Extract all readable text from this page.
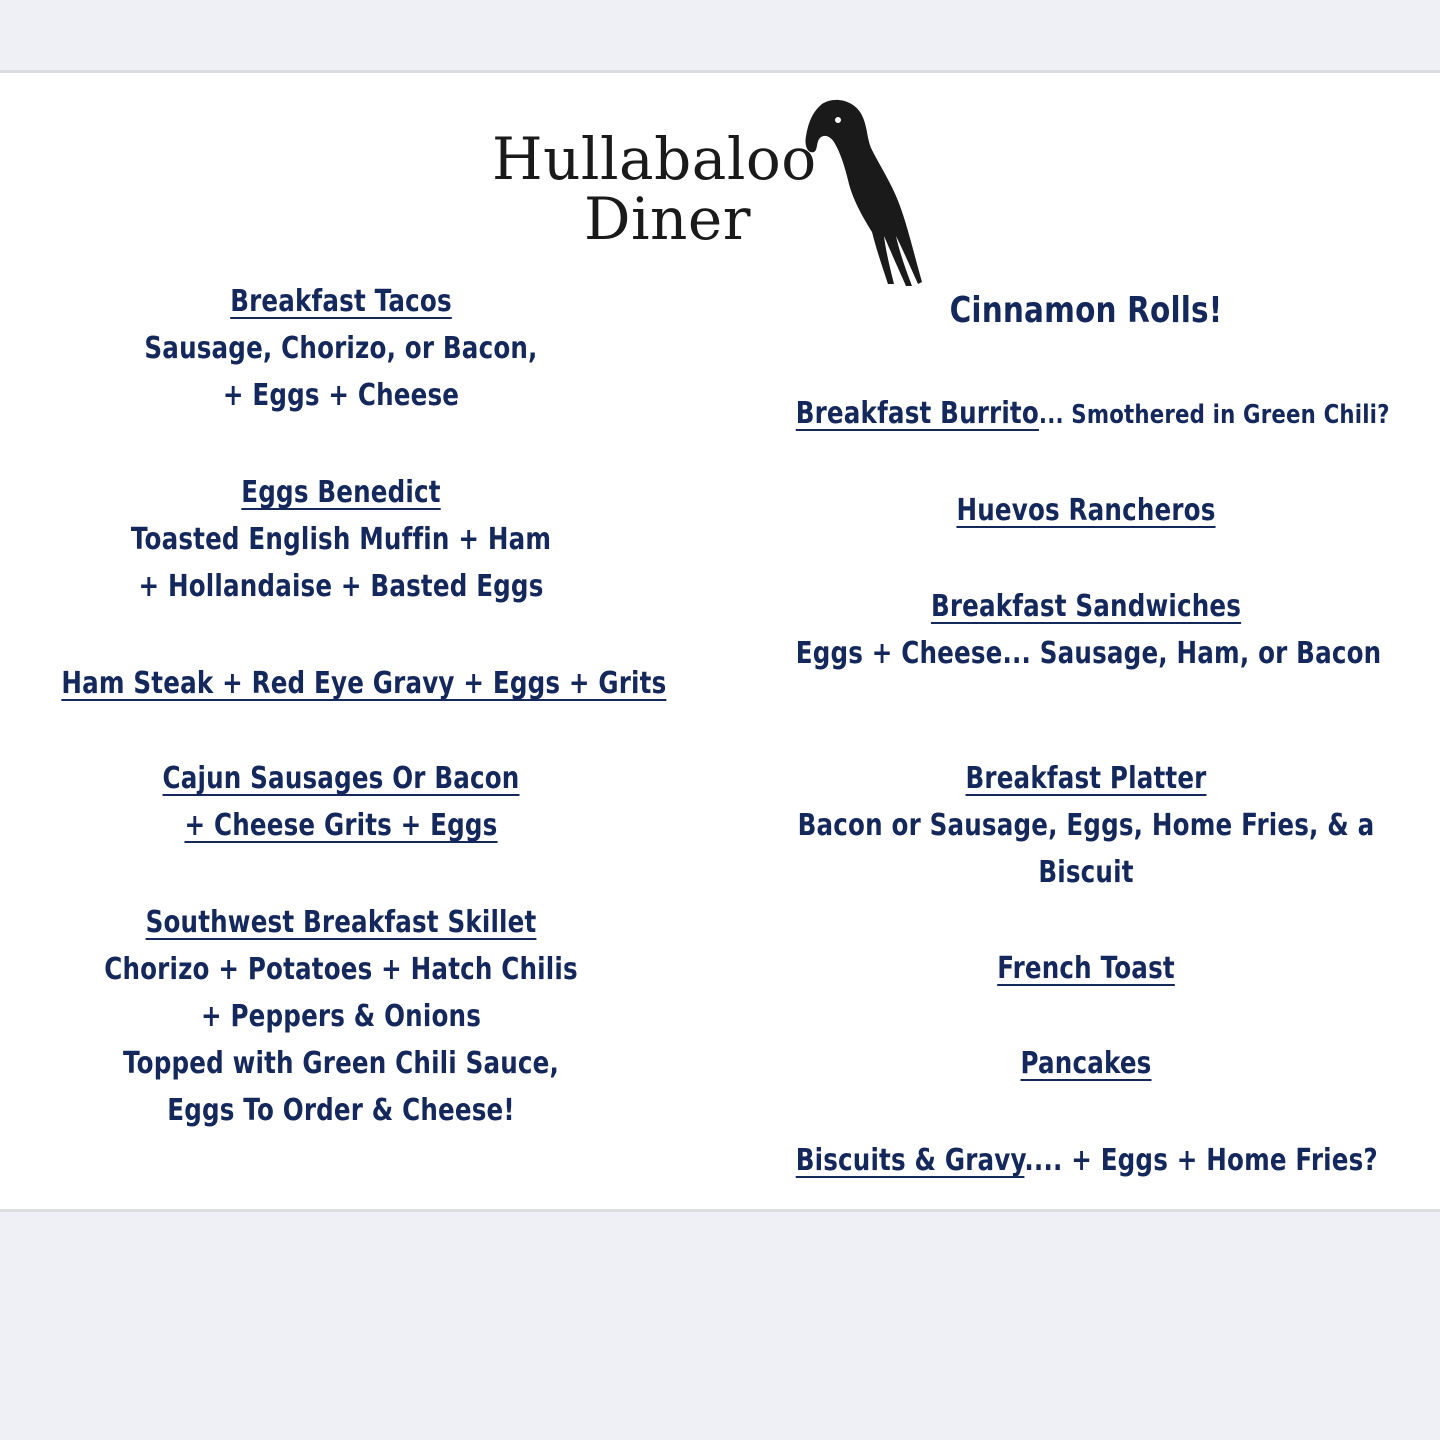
Hullabaloo
Diner
Breakfast Tacos
Sausage, Chorizo, or Bacon,
+ Eggs + Cheese
Eggs Benedict
Toasted English Muffin + Ham
+ Hollandaise + Basted Eggs
Ham Steak + Red Eye Gravy + Eggs + Grits
Cajun Sausages Or Bacon
+ Cheese Grits + Eggs
Southwest Breakfast Skillet
Chorizo + Potatoes + Hatch Chilis
+ Peppers & Onions
Topped with Green Chili Sauce,
Eggs To Order & Cheese!
Cinnamon Rolls!
Breakfast Burrito... Smothered in Green Chili?
Huevos Rancheros
Breakfast Sandwiches
Eggs + Cheese... Sausage, Ham, or Bacon
Breakfast Platter
Bacon or Sausage, Eggs, Home Fries, & a
Biscuit
French Toast
Pancakes
Biscuits & Gravy.... + Eggs + Home Fries?
